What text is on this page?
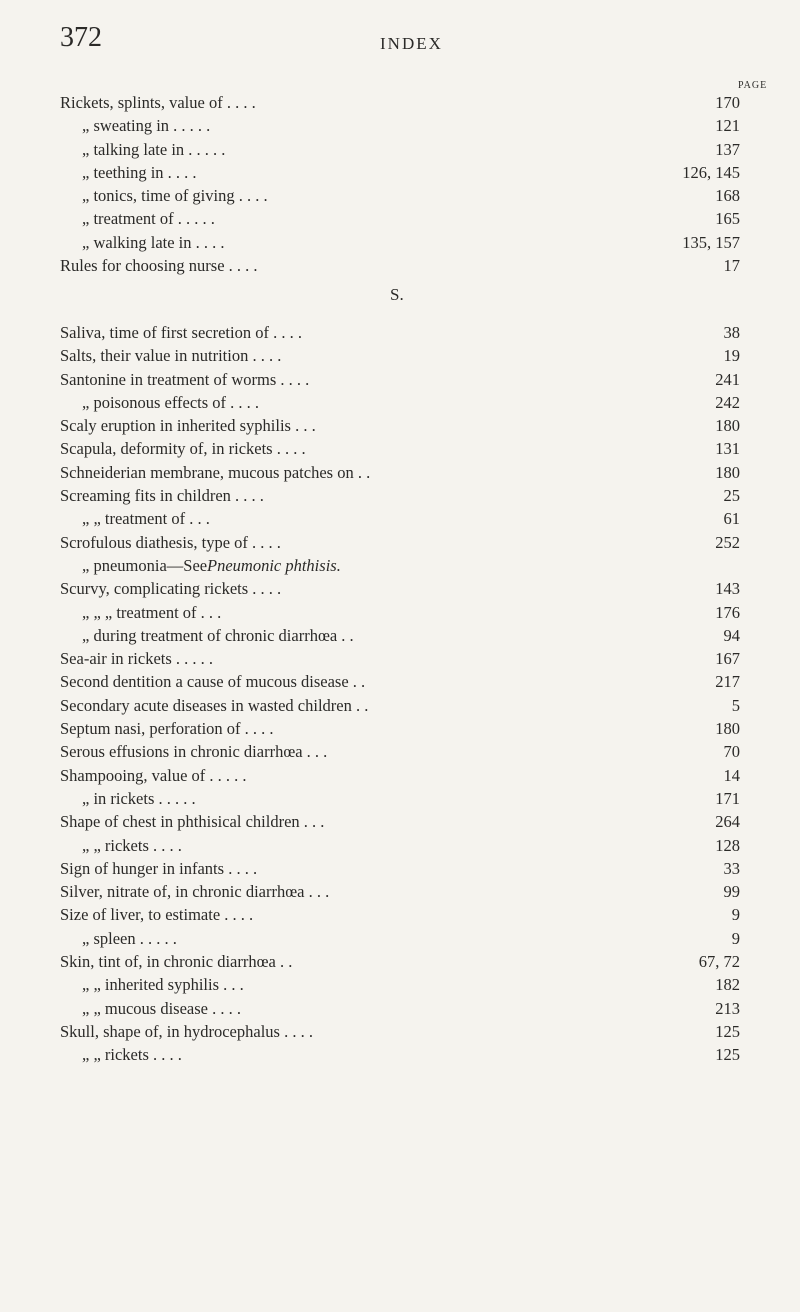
372	INDEX
PAGE
Rickets, splints, value of . . . .	170
„ sweating in . . . . .	121
„ talking late in . . . . .	137
„ teething in . . . .	126, 145
„ tonics, time of giving . . . .	168
„ treatment of . . . . .	165
„ walking late in . . . .	135, 157
Rules for choosing nurse . . . .	17
S.
Saliva, time of first secretion of . . . .	38
Salts, their value in nutrition . . . .	19
Santonine in treatment of worms . . . .	241
„ poisonous effects of . . . .	242
Scaly eruption in inherited syphilis . . .	180
Scapula, deformity of, in rickets . . . .	131
Schneiderian membrane, mucous patches on . .	180
Screaming fits in children . . . .	25
„ „ treatment of . . .	61
Scrofulous diathesis, type of . . . .	252
„ pneumonia—See Pneumonic phthisis.
Scurvy, complicating rickets . . . .	143
„ „ „ treatment of . . .	176
„ during treatment of chronic diarrhœa . .	94
Sea-air in rickets . . . . .	167
Second dentition a cause of mucous disease . .	217
Secondary acute diseases in wasted children . .	5
Septum nasi, perforation of . . . .	180
Serous effusions in chronic diarrhœa . . .	70
Shampooing, value of . . . . .	14
„ in rickets . . . . .	171
Shape of chest in phthisical children . . .	264
„ „ rickets . . . .	128
Sign of hunger in infants . . . .	33
Silver, nitrate of, in chronic diarrhœa . . .	99
Size of liver, to estimate . . . .	9
„ spleen . . . . .	9
Skin, tint of, in chronic diarrhœa . .	67, 72
„ „ inherited syphilis . . .	182
„ „ mucous disease . . . .	213
Skull, shape of, in hydrocephalus . . . .	125
„ „ rickets . . . .	125
